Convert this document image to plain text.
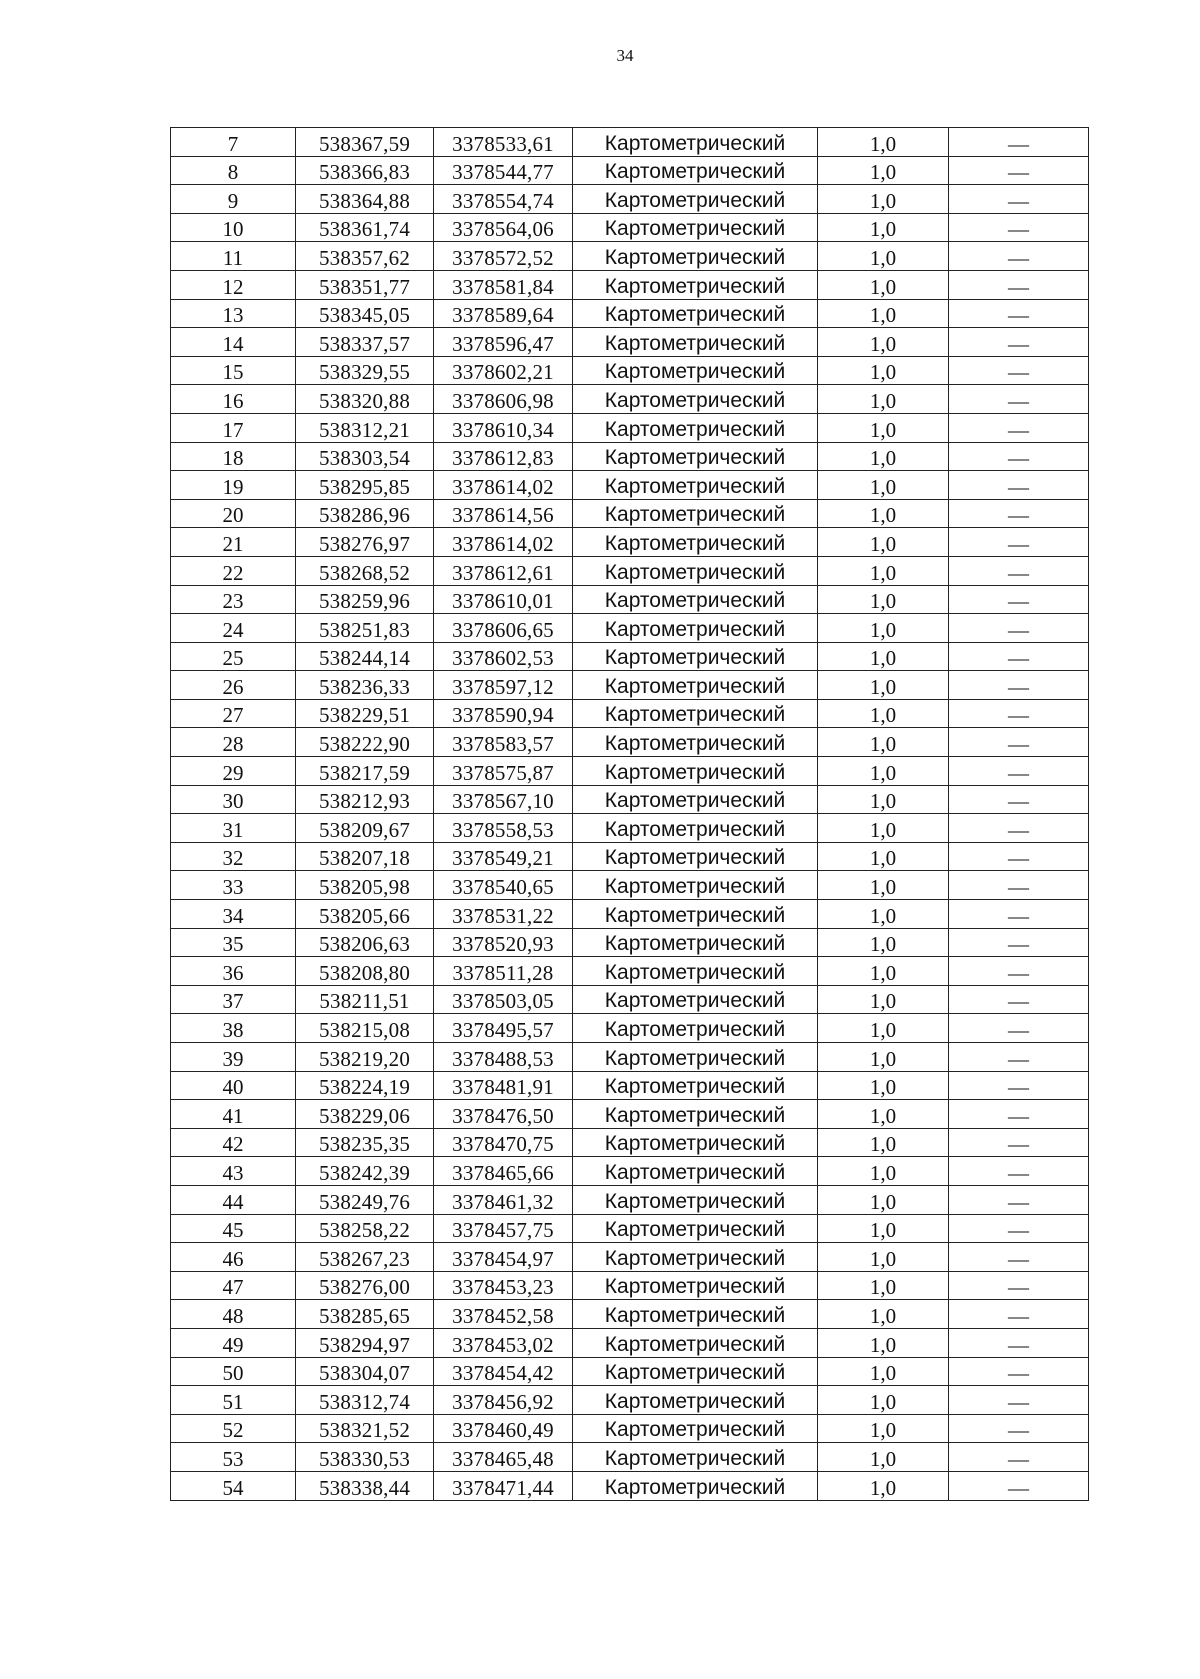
34
7	538367,59	3378533,61	Картометрический	1,0	—
8	538366,83	3378544,77	Картометрический	1,0	—
9	538364,88	3378554,74	Картометрический	1,0	—
10	538361,74	3378564,06	Картометрический	1,0	—
11	538357,62	3378572,52	Картометрический	1,0	—
12	538351,77	3378581,84	Картометрический	1,0	—
13	538345,05	3378589,64	Картометрический	1,0	—
14	538337,57	3378596,47	Картометрический	1,0	—
15	538329,55	3378602,21	Картометрический	1,0	—
16	538320,88	3378606,98	Картометрический	1,0	—
17	538312,21	3378610,34	Картометрический	1,0	—
18	538303,54	3378612,83	Картометрический	1,0	—
19	538295,85	3378614,02	Картометрический	1,0	—
20	538286,96	3378614,56	Картометрический	1,0	—
21	538276,97	3378614,02	Картометрический	1,0	—
22	538268,52	3378612,61	Картометрический	1,0	—
23	538259,96	3378610,01	Картометрический	1,0	—
24	538251,83	3378606,65	Картометрический	1,0	—
25	538244,14	3378602,53	Картометрический	1,0	—
26	538236,33	3378597,12	Картометрический	1,0	—
27	538229,51	3378590,94	Картометрический	1,0	—
28	538222,90	3378583,57	Картометрический	1,0	—
29	538217,59	3378575,87	Картометрический	1,0	—
30	538212,93	3378567,10	Картометрический	1,0	—
31	538209,67	3378558,53	Картометрический	1,0	—
32	538207,18	3378549,21	Картометрический	1,0	—
33	538205,98	3378540,65	Картометрический	1,0	—
34	538205,66	3378531,22	Картометрический	1,0	—
35	538206,63	3378520,93	Картометрический	1,0	—
36	538208,80	3378511,28	Картометрический	1,0	—
37	538211,51	3378503,05	Картометрический	1,0	—
38	538215,08	3378495,57	Картометрический	1,0	—
39	538219,20	3378488,53	Картометрический	1,0	—
40	538224,19	3378481,91	Картометрический	1,0	—
41	538229,06	3378476,50	Картометрический	1,0	—
42	538235,35	3378470,75	Картометрический	1,0	—
43	538242,39	3378465,66	Картометрический	1,0	—
44	538249,76	3378461,32	Картометрический	1,0	—
45	538258,22	3378457,75	Картометрический	1,0	—
46	538267,23	3378454,97	Картометрический	1,0	—
47	538276,00	3378453,23	Картометрический	1,0	—
48	538285,65	3378452,58	Картометрический	1,0	—
49	538294,97	3378453,02	Картометрический	1,0	—
50	538304,07	3378454,42	Картометрический	1,0	—
51	538312,74	3378456,92	Картометрический	1,0	—
52	538321,52	3378460,49	Картометрический	1,0	—
53	538330,53	3378465,48	Картометрический	1,0	—
54	538338,44	3378471,44	Картометрический	1,0	—
